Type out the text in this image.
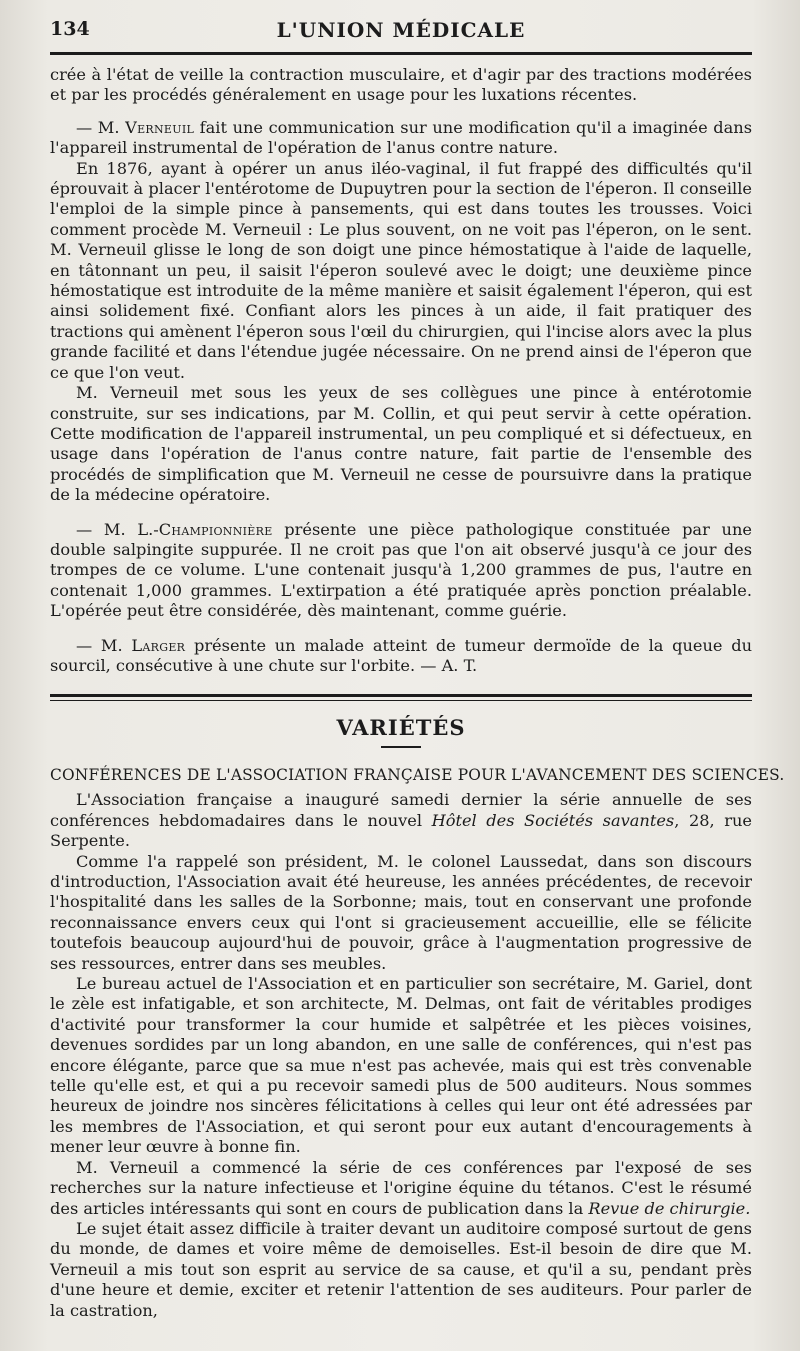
134	L'UNION MÉDICALE

crée à l'état de veille la contraction musculaire, et d'agir par des tractions modérées et par les procédés généralement en usage pour les luxations récentes.

— M. Verneuil fait une communication sur une modification qu'il a imaginée dans l'appareil instrumental de l'opération de l'anus contre nature.

En 1876, ayant à opérer un anus iléo-vaginal, il fut frappé des difficultés qu'il éprouvait à placer l'entérotome de Dupuytren pour la section de l'éperon. Il conseille l'emploi de la simple pince à pansements, qui est dans toutes les trousses. Voici comment procède M. Verneuil : Le plus souvent, on ne voit pas l'éperon, on le sent. M. Verneuil glisse le long de son doigt une pince hémostatique à l'aide de laquelle, en tâtonnant un peu, il saisit l'éperon soulevé avec le doigt; une deuxième pince hémostatique est introduite de la même manière et saisit également l'éperon, qui est ainsi solidement fixé. Confiant alors les pinces à un aide, il fait pratiquer des tractions qui amènent l'éperon sous l'œil du chirurgien, qui l'incise alors avec la plus grande facilité et dans l'étendue jugée nécessaire. On ne prend ainsi de l'éperon que ce que l'on veut.

M. Verneuil met sous les yeux de ses collègues une pince à entérotomie construite, sur ses indications, par M. Collin, et qui peut servir à cette opération. Cette modification de l'appareil instrumental, un peu compliqué et si défectueux, en usage dans l'opération de l'anus contre nature, fait partie de l'ensemble des procédés de simplification que M. Verneuil ne cesse de poursuivre dans la pratique de la médecine opératoire.

— M. L.-Championnière présente une pièce pathologique constituée par une double salpingite suppurée. Il ne croit pas que l'on ait observé jusqu'à ce jour des trompes de ce volume. L'une contenait jusqu'à 1,200 grammes de pus, l'autre en contenait 1,000 grammes. L'extirpation a été pratiquée après ponction préalable. L'opérée peut être considérée, dès maintenant, comme guérie.

— M. Larger présente un malade atteint de tumeur dermoïde de la queue du sourcil, consécutive à une chute sur l'orbite. — A. T.

VARIÉTÉS
CONFÉRENCES DE L'ASSOCIATION FRANÇAISE POUR L'AVANCEMENT DES SCIENCES.

L'Association française a inauguré samedi dernier la série annuelle de ses conférences hebdomadaires dans le nouvel Hôtel des Sociétés savantes, 28, rue Serpente.

Comme l'a rappelé son président, M. le colonel Laussedat, dans son discours d'introduction, l'Association avait été heureuse, les années précédentes, de recevoir l'hospitalité dans les salles de la Sorbonne; mais, tout en conservant une profonde reconnaissance envers ceux qui l'ont si gracieusement accueillie, elle se félicite toutefois beaucoup aujourd'hui de pouvoir, grâce à l'augmentation progressive de ses ressources, entrer dans ses meubles.

Le bureau actuel de l'Association et en particulier son secrétaire, M. Gariel, dont le zèle est infatigable, et son architecte, M. Delmas, ont fait de véritables prodiges d'activité pour transformer la cour humide et salpêtrée et les pièces voisines, devenues sordides par un long abandon, en une salle de conférences, qui n'est pas encore élégante, parce que sa mue n'est pas achevée, mais qui est très convenable telle qu'elle est, et qui a pu recevoir samedi plus de 500 auditeurs. Nous sommes heureux de joindre nos sincères félicitations à celles qui leur ont été adressées par les membres de l'Association, et qui seront pour eux autant d'encouragements à mener leur œuvre à bonne fin.

M. Verneuil a commencé la série de ces conférences par l'exposé de ses recherches sur la nature infectieuse et l'origine équine du tétanos. C'est le résumé des articles intéressants qui sont en cours de publication dans la Revue de chirurgie.

Le sujet était assez difficile à traiter devant un auditoire composé surtout de gens du monde, de dames et voire même de demoiselles. Est-il besoin de dire que M. Verneuil a mis tout son esprit au service de sa cause, et qu'il a su, pendant près d'une heure et demie, exciter et retenir l'attention de ses auditeurs. Pour parler de la castration,
